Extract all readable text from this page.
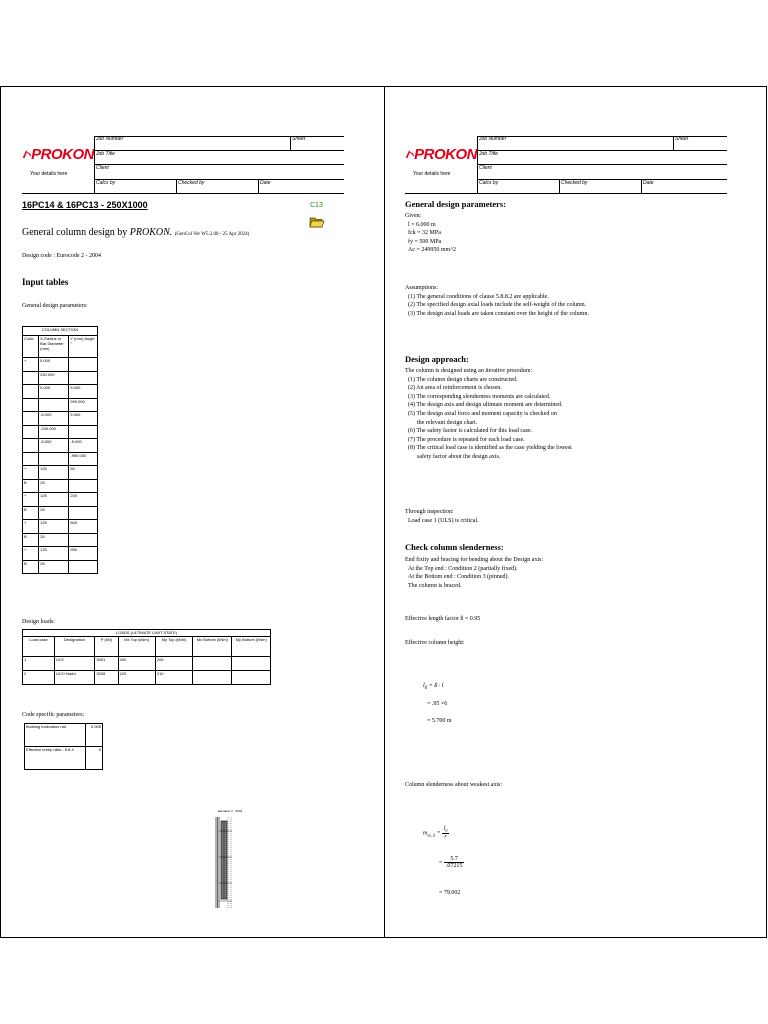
PROKON
Your details here
Job Number	Sheet
Job Title
Client
Calcs by	Checked by	Date
16PC14 & 16PC13 - 250X1000	C13
General column design by PROKON. (GenCol Ver W5.2.00 - 25 Apr 2024)
Design code : Eurocode 2 - 2004
Input tables
General design parameters:
COLUMN SECTION		
Code	X-Radius or Bar Diameter (mm)	Y (mm) Angle °
+	5.000	
	240.000	
	5.000	5.000
		990.000
	-5.000	5.000
	-240.000	
	-5.000	-5.000
		-990.000
+	125	50
B	28	
+	125	200
B	28	
+	125	800
B	28	
+	125	950
B	28	
Design loads:
LOADS (ULTIMATE LIMIT STATE)						
Load case	Designation	P (kN)	Mx Top (kNm)	My Top (kNm)	Mx Bottom (kNm)	My Bottom (kNm)
1	ULS	3591	400	200		
2	ULS+Nadd	3928	420	210		
Code specific parameters:
Building inclination rad	0.005
Effective creep ratio - 5.8.4	0
Elevation 0 - 3004
PROKON
Your details here
Job Number	Sheet
Job Title
Client
Calcs by	Checked by	Date
General design parameters:
Given:
l = 6.000 m
fck = 32 MPa
fy = 500 MPa
Ac = 249950 mm^2
Assumptions:
(1) The general conditions of clause 5.8.8.2 are applicable.
(2) The specified design axial loads include the self-weight of the column.
(3) The design axial loads are taken constant over the height of the column.
Design approach:
The column is designed using an iterative procedure:
(1) The column design charts are constructed.
(2) An area of reinforcement is chosen.
(3) The corresponding slenderness moments are calculated.
(4) The design axis and design ultimate moment are determined.
(5) The design axial force and moment capacity is checked on
the relevant design chart.
(6) The safety factor is calculated for this load case.
(7) The procedure is repeated for each load case.
(8) The critical load case is identified as the case yielding the lowest
safety factor about the design axis.
Through inspection:
Load case 1 (ULS) is critical.
Check column slenderness:
End fixity and bracing for bending about the Design axis:
At the Top end : Condition 2 (partially fixed).
At the Bottom end : Condition 3 (pinned).
The column is braced.
Effective length factor ß = 0.95
Effective column height:
$l_0$ = ß · l
= .95 ×6
= 5.700 m
Column slenderness about weakest axis:
$m_{ax\_il} = \frac{l_0}{r}$
= $\frac{5.7}{.07215}$
= 79.002
